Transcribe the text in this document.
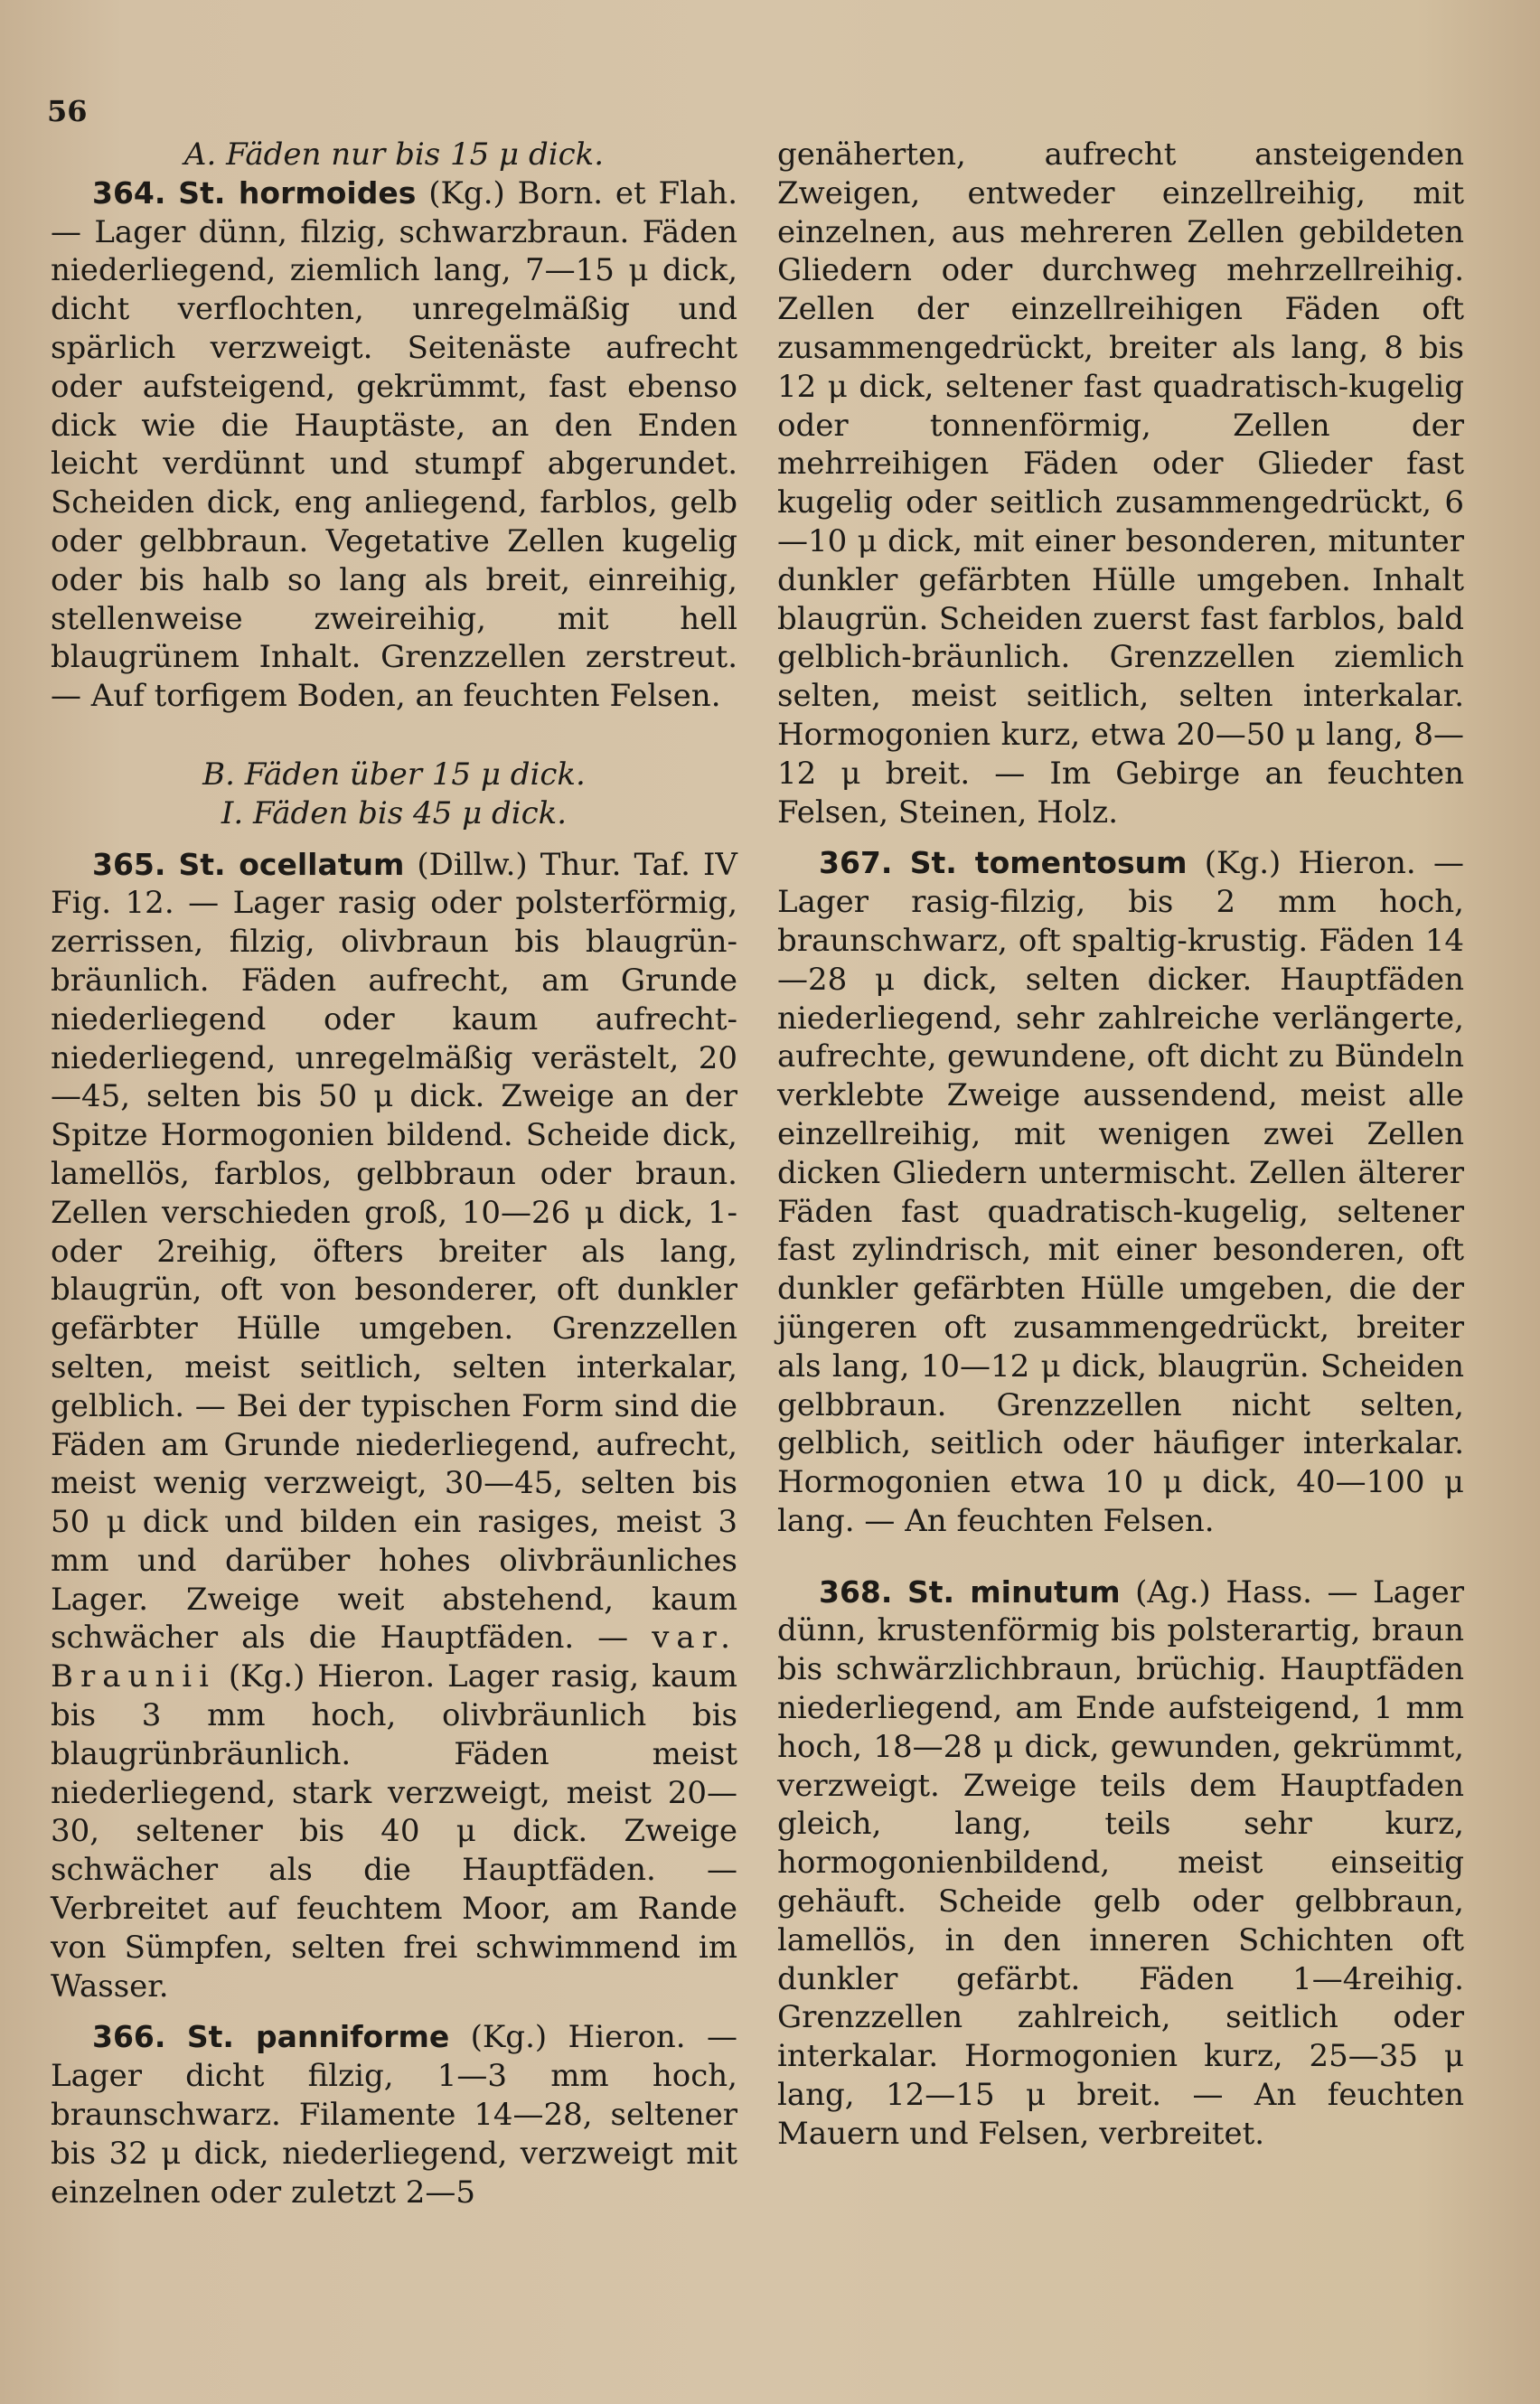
56

A. Fäden nur bis 15 μ dick.

364. St. hormoides (Kg.) Born. et Flah. — Lager dünn, filzig, schwarzbraun. Fäden niederliegend, ziemlich lang, 7—15 μ dick, dicht verflochten, unregelmäßig und spärlich verzweigt. Seitenäste aufrecht oder aufsteigend, gekrümmt, fast ebenso dick wie die Hauptäste, an den Enden leicht verdünnt und stumpf abgerundet. Scheiden dick, eng anliegend, farblos, gelb oder gelbbraun. Vegetative Zellen kugelig oder bis halb so lang als breit, einreihig, stellenweise zweireihig, mit hell blaugrünem Inhalt. Grenzzellen zerstreut. — Auf torfigem Boden, an feuchten Felsen.

B. Fäden über 15 μ dick.

I. Fäden bis 45 μ dick.

365. St. ocellatum (Dillw.) Thur. Taf. IV Fig. 12. — Lager rasig oder polsterförmig, zerrissen, filzig, olivbraun bis blaugrün-bräunlich. Fäden aufrecht, am Grunde niederliegend oder kaum aufrecht-niederliegend, unregelmäßig verästelt, 20—45, selten bis 50 μ dick. Zweige an der Spitze Hormogonien bildend. Scheide dick, lamellös, farblos, gelbbraun oder braun. Zellen verschieden groß, 10—26 μ dick, 1- oder 2reihig, öfters breiter als lang, blaugrün, oft von besonderer, oft dunkler gefärbter Hülle umgeben. Grenzzellen selten, meist seitlich, selten interkalar, gelblich. — Bei der typischen Form sind die Fäden am Grunde niederliegend, aufrecht, meist wenig verzweigt, 30—45, selten bis 50 μ dick und bilden ein rasiges, meist 3 mm und darüber hohes olivbräunliches Lager. Zweige weit abstehend, kaum schwächer als die Hauptfäden. — var. Braunii (Kg.) Hieron. Lager rasig, kaum bis 3 mm hoch, olivbräunlich bis blaugrünbräunlich. Fäden meist niederliegend, stark verzweigt, meist 20—30, seltener bis 40 μ dick. Zweige schwächer als die Hauptfäden. — Verbreitet auf feuchtem Moor, am Rande von Sümpfen, selten frei schwimmend im Wasser.

366. St. panniforme (Kg.) Hieron. — Lager dicht filzig, 1—3 mm hoch, braunschwarz. Filamente 14—28, seltener bis 32 μ dick, niederliegend, verzweigt mit einzelnen oder zuletzt 2—5

genäherten, aufrecht ansteigenden Zweigen, entweder einzellreihig, mit einzelnen, aus mehreren Zellen gebildeten Gliedern oder durchweg mehrzellreihig. Zellen der einzellreihigen Fäden oft zusammengedrückt, breiter als lang, 8 bis 12 μ dick, seltener fast quadratisch-kugelig oder tonnenförmig, Zellen der mehrreihigen Fäden oder Glieder fast kugelig oder seitlich zusammengedrückt, 6—10 μ dick, mit einer besonderen, mitunter dunkler gefärbten Hülle umgeben. Inhalt blaugrün. Scheiden zuerst fast farblos, bald gelblich-bräunlich. Grenzzellen ziemlich selten, meist seitlich, selten interkalar. Hormogonien kurz, etwa 20—50 μ lang, 8—12 μ breit. — Im Gebirge an feuchten Felsen, Steinen, Holz.

367. St. tomentosum (Kg.) Hieron. — Lager rasig-filzig, bis 2 mm hoch, braunschwarz, oft spaltig-krustig. Fäden 14—28 μ dick, selten dicker. Hauptfäden niederliegend, sehr zahlreiche verlängerte, aufrechte, gewundene, oft dicht zu Bündeln verklebte Zweige aussendend, meist alle einzellreihig, mit wenigen zwei Zellen dicken Gliedern untermischt. Zellen älterer Fäden fast quadratisch-kugelig, seltener fast zylindrisch, mit einer besonderen, oft dunkler gefärbten Hülle umgeben, die der jüngeren oft zusammengedrückt, breiter als lang, 10—12 μ dick, blaugrün. Scheiden gelbbraun. Grenzzellen nicht selten, gelblich, seitlich oder häufiger interkalar. Hormogonien etwa 10 μ dick, 40—100 μ lang. — An feuchten Felsen.

368. St. minutum (Ag.) Hass. — Lager dünn, krustenförmig bis polsterartig, braun bis schwärzlichbraun, brüchig. Hauptfäden niederliegend, am Ende aufsteigend, 1 mm hoch, 18—28 μ dick, gewunden, gekrümmt, verzweigt. Zweige teils dem Hauptfaden gleich, lang, teils sehr kurz, hormogonienbildend, meist einseitig gehäuft. Scheide gelb oder gelbbraun, lamellös, in den inneren Schichten oft dunkler gefärbt. Fäden 1—4reihig. Grenzzellen zahlreich, seitlich oder interkalar. Hormogonien kurz, 25—35 μ lang, 12—15 μ breit. — An feuchten Mauern und Felsen, verbreitet.
